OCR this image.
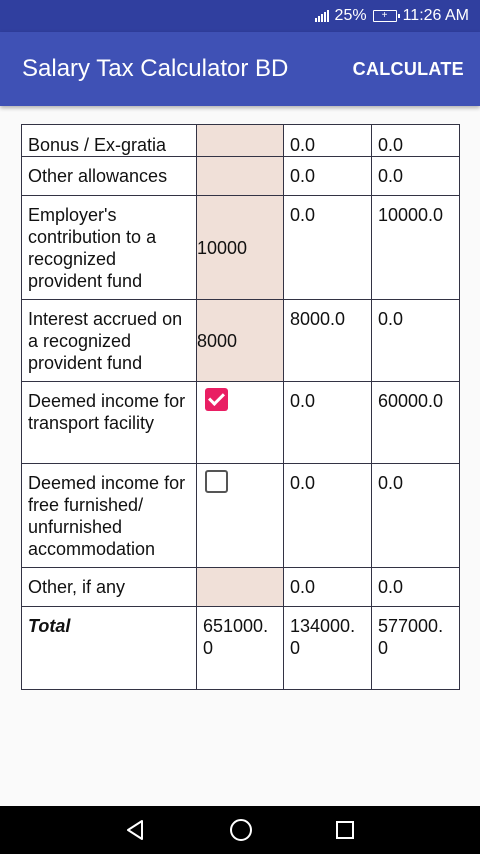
25% + 11:26 AM
Salary Tax Calculator BD	CALCULATE
Bonus / Ex-gratia		0.0	0.0
Other allowances		0.0	0.0
Employer's contribution to a recognized provident fund	10000	0.0	10000.0
Interest accrued on a recognized provident fund	8000	8000.0	0.0
Deemed income for transport facility		0.0	60000.0
Deemed income for free furnished/ unfurnished accommodation		0.0	0.0
Other, if any		0.0	0.0
Total	651000.0	134000.0	577000.0
